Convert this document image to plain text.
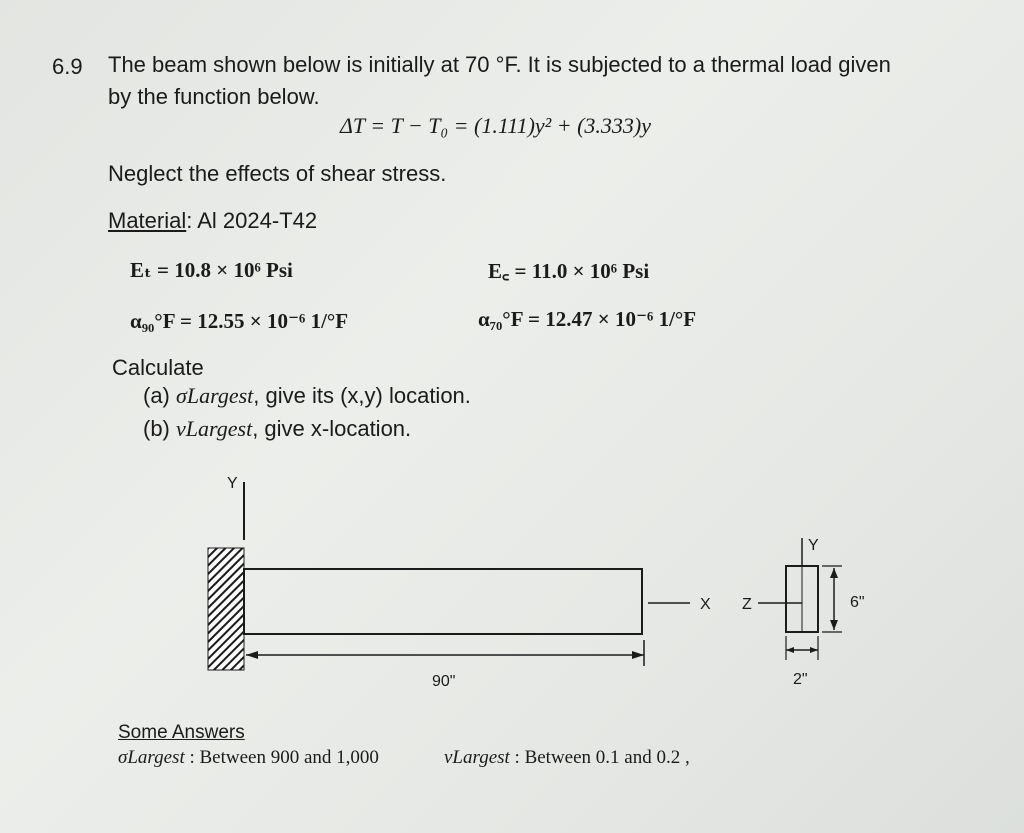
6.9 The beam shown below is initially at 70 °F. It is subjected to a thermal load given
by the function below.
ΔT = T − T₀ = (1.111)y² + (3.333)y
Neglect the effects of shear stress.
Material: Al 2024-T42
Eₜ = 10.8 × 10⁶ Psi	E꜀ = 11.0 × 10⁶ Psi
α₉₀°F = 12.55 × 10⁻⁶ 1/°F	α₇₀°F = 12.47 × 10⁻⁶ 1/°F
Calculate
(a) σLargest, give its (x,y) location.
(b) vLargest, give x-location.
Y
X
90"
Y
Z	6"
2"
Some Answers
σLargest : Between 900 and 1,000	vLargest : Between 0.1 and 0.2 ,
